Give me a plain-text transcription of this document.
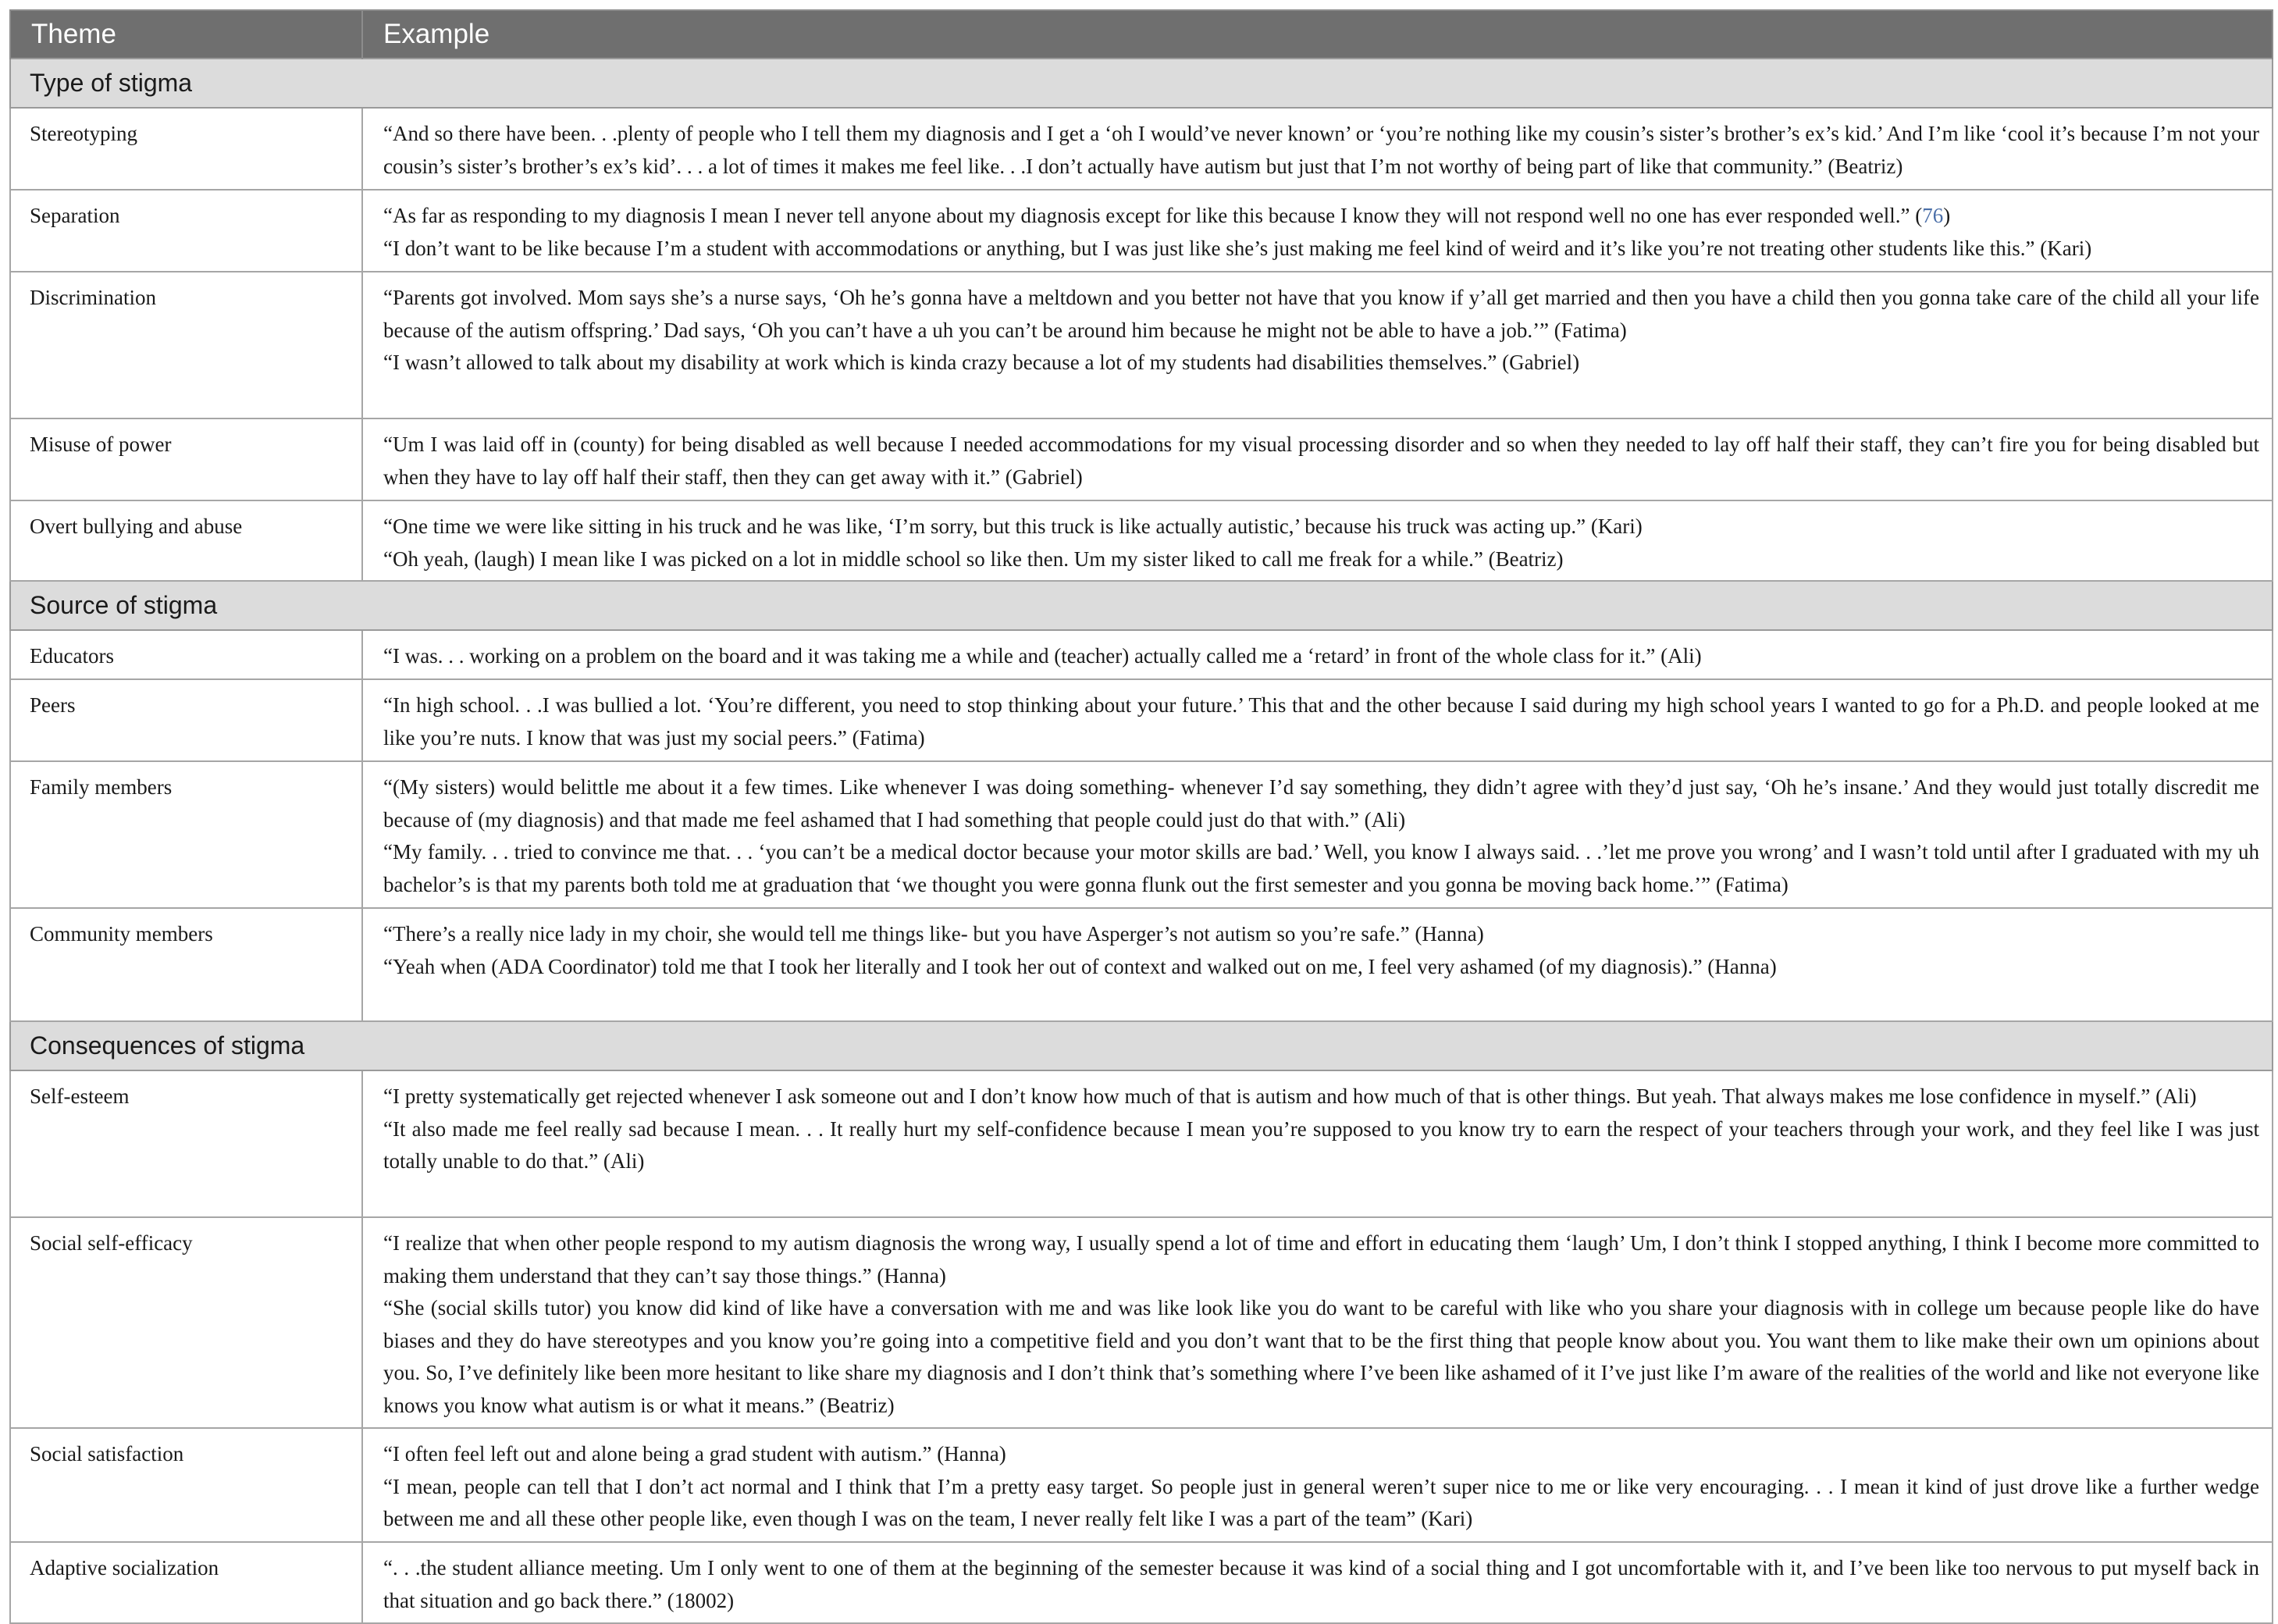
Theme	Example
Type of stigma	
Stereotyping	“And so there have been. . .plenty of people who I tell them my diagnosis and I get a ‘oh I would’ve never known’ or ‘you’re nothing like my cousin’s sister’s brother’s ex’s kid.’ And I’m like ‘cool it’s because I’m not your cousin’s sister’s brother’s ex’s kid’. . . a lot of times it makes me feel like. . .I don’t actually have autism but just that I’m not worthy of being part of like that community.” (Beatriz)

Separation	“As far as responding to my diagnosis I mean I never tell anyone about my diagnosis except for like this because I know they will not respond well no one has ever responded well.” (76)
“I don’t want to be like because I’m a student with accommodations or anything, but I was just like she’s just making me feel kind of weird and it’s like you’re not treating other students like this.” (Kari)

Discrimination	“Parents got involved. Mom says she’s a nurse says, ‘Oh he’s gonna have a meltdown and you better not have that you know if y’all get married and then you have a child then you gonna take care of the child all your life because of the autism offspring.’ Dad says, ‘Oh you can’t have a uh you can’t be around him because he might not be able to have a job.’” (Fatima)
“I wasn’t allowed to talk about my disability at work which is kinda crazy because a lot of my students had disabilities themselves.” (Gabriel)

Misuse of power	“Um I was laid off in (county) for being disabled as well because I needed accommodations for my visual processing disorder and so when they needed to lay off half their staff, they can’t fire you for being disabled but when they have to lay off half their staff, then they can get away with it.” (Gabriel)

Overt bullying and abuse	“One time we were like sitting in his truck and he was like, ‘I’m sorry, but this truck is like actually autistic,’ because his truck was acting up.” (Kari)
“Oh yeah, (laugh) I mean like I was picked on a lot in middle school so like then. Um my sister liked to call me freak for a while.” (Beatriz)

Source of stigma	
Educators	“I was. . . working on a problem on the board and it was taking me a while and (teacher) actually called me a ‘retard’ in front of the whole class for it.” (Ali)

Peers	“In high school. . .I was bullied a lot. ‘You’re different, you need to stop thinking about your future.’ This that and the other because I said during my high school years I wanted to go for a Ph.D. and people looked at me like you’re nuts. I know that was just my social peers.” (Fatima)

Family members	“(My sisters) would belittle me about it a few times. Like whenever I was doing something- whenever I’d say something, they didn’t agree with they’d just say, ‘Oh he’s insane.’ And they would just totally discredit me because of (my diagnosis) and that made me feel ashamed that I had something that people could just do that with.” (Ali)
“My family. . . tried to convince me that. . . ‘you can’t be a medical doctor because your motor skills are bad.’ Well, you know I always said. . .’let me prove you wrong’ and I wasn’t told until after I graduated with my uh bachelor’s is that my parents both told me at graduation that ‘we thought you were gonna flunk out the first semester and you gonna be moving back home.’” (Fatima)

Community members	“There’s a really nice lady in my choir, she would tell me things like- but you have Asperger’s not autism so you’re safe.” (Hanna)
“Yeah when (ADA Coordinator) told me that I took her literally and I took her out of context and walked out on me, I feel very ashamed (of my diagnosis).” (Hanna)

Consequences of stigma	
Self-esteem	“I pretty systematically get rejected whenever I ask someone out and I don’t know how much of that is autism and how much of that is other things. But yeah. That always makes me lose confidence in myself.” (Ali)
“It also made me feel really sad because I mean. . . It really hurt my self-confidence because I mean you’re supposed to you know try to earn the respect of your teachers through your work, and they feel like I was just totally unable to do that.” (Ali)

Social self-efficacy	“I realize that when other people respond to my autism diagnosis the wrong way, I usually spend a lot of time and effort in educating them ‘laugh’ Um, I don’t think I stopped anything, I think I become more committed to making them understand that they can’t say those things.” (Hanna)
“She (social skills tutor) you know did kind of like have a conversation with me and was like look like you do want to be careful with like who you share your diagnosis with in college um because people like do have biases and they do have stereotypes and you know you’re going into a competitive field and you don’t want that to be the first thing that people know about you. You want them to like make their own um opinions about you. So, I’ve definitely like been more hesitant to like share my diagnosis and I don’t think that’s something where I’ve been like ashamed of it I’ve just like I’m aware of the realities of the world and like not everyone like knows you know what autism is or what it means.” (Beatriz)

Social satisfaction	“I often feel left out and alone being a grad student with autism.” (Hanna)
“I mean, people can tell that I don’t act normal and I think that I’m a pretty easy target. So people just in general weren’t super nice to me or like very encouraging. . . I mean it kind of just drove like a further wedge between me and all these other people like, even though I was on the team, I never really felt like I was a part of the team” (Kari)

Adaptive socialization	“. . .the student alliance meeting. Um I only went to one of them at the beginning of the semester because it was kind of a social thing and I got uncomfortable with it, and I’ve been like too nervous to put myself back in that situation and go back there.” (18002)
